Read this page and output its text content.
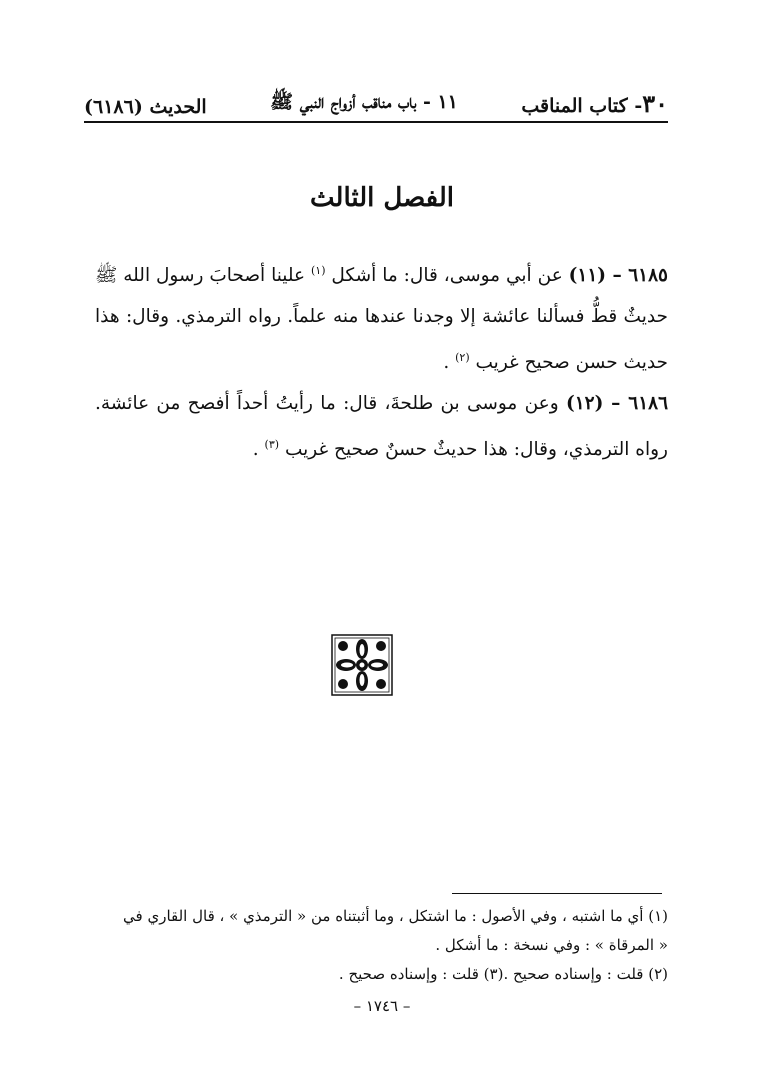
٣٠- كتاب المناقب
١١ - باب مناقب أزواج النبي ﷺ
الحديث (٦١٨٦)
الفصل الثالث

٦١٨٥ – (١١) عن أبي موسى، قال: ما أشكل $^{(١)}$ علينا أصحابَ رسول الله ﷺ حديثٌ قطُّ فسألنا عائشة إلا وجدنا عندها منه علماً. رواه الترمذي. وقال: هذا حديث حسن صحيح غريب $^{(٢)}$ .

٦١٨٦ – (١٢) وعن موسى بن طلحةَ، قال: ما رأيتُ أحداً أفصح من عائشة. رواه الترمذي، وقال: هذا حديثٌ حسنٌ صحيح غريب $^{(٣)}$ .

(١) أي ما اشتبه ، وفي الأصول : ما اشتكل ، وما أثبتناه من « الترمذي » ، قال القاري في

« المرقاة » : وفي نسخة : ما أشكل .

(٢) قلت : وإسناده صحيح .

(٣) قلت : وإسناده صحيح .
– ١٧٤٦ –
